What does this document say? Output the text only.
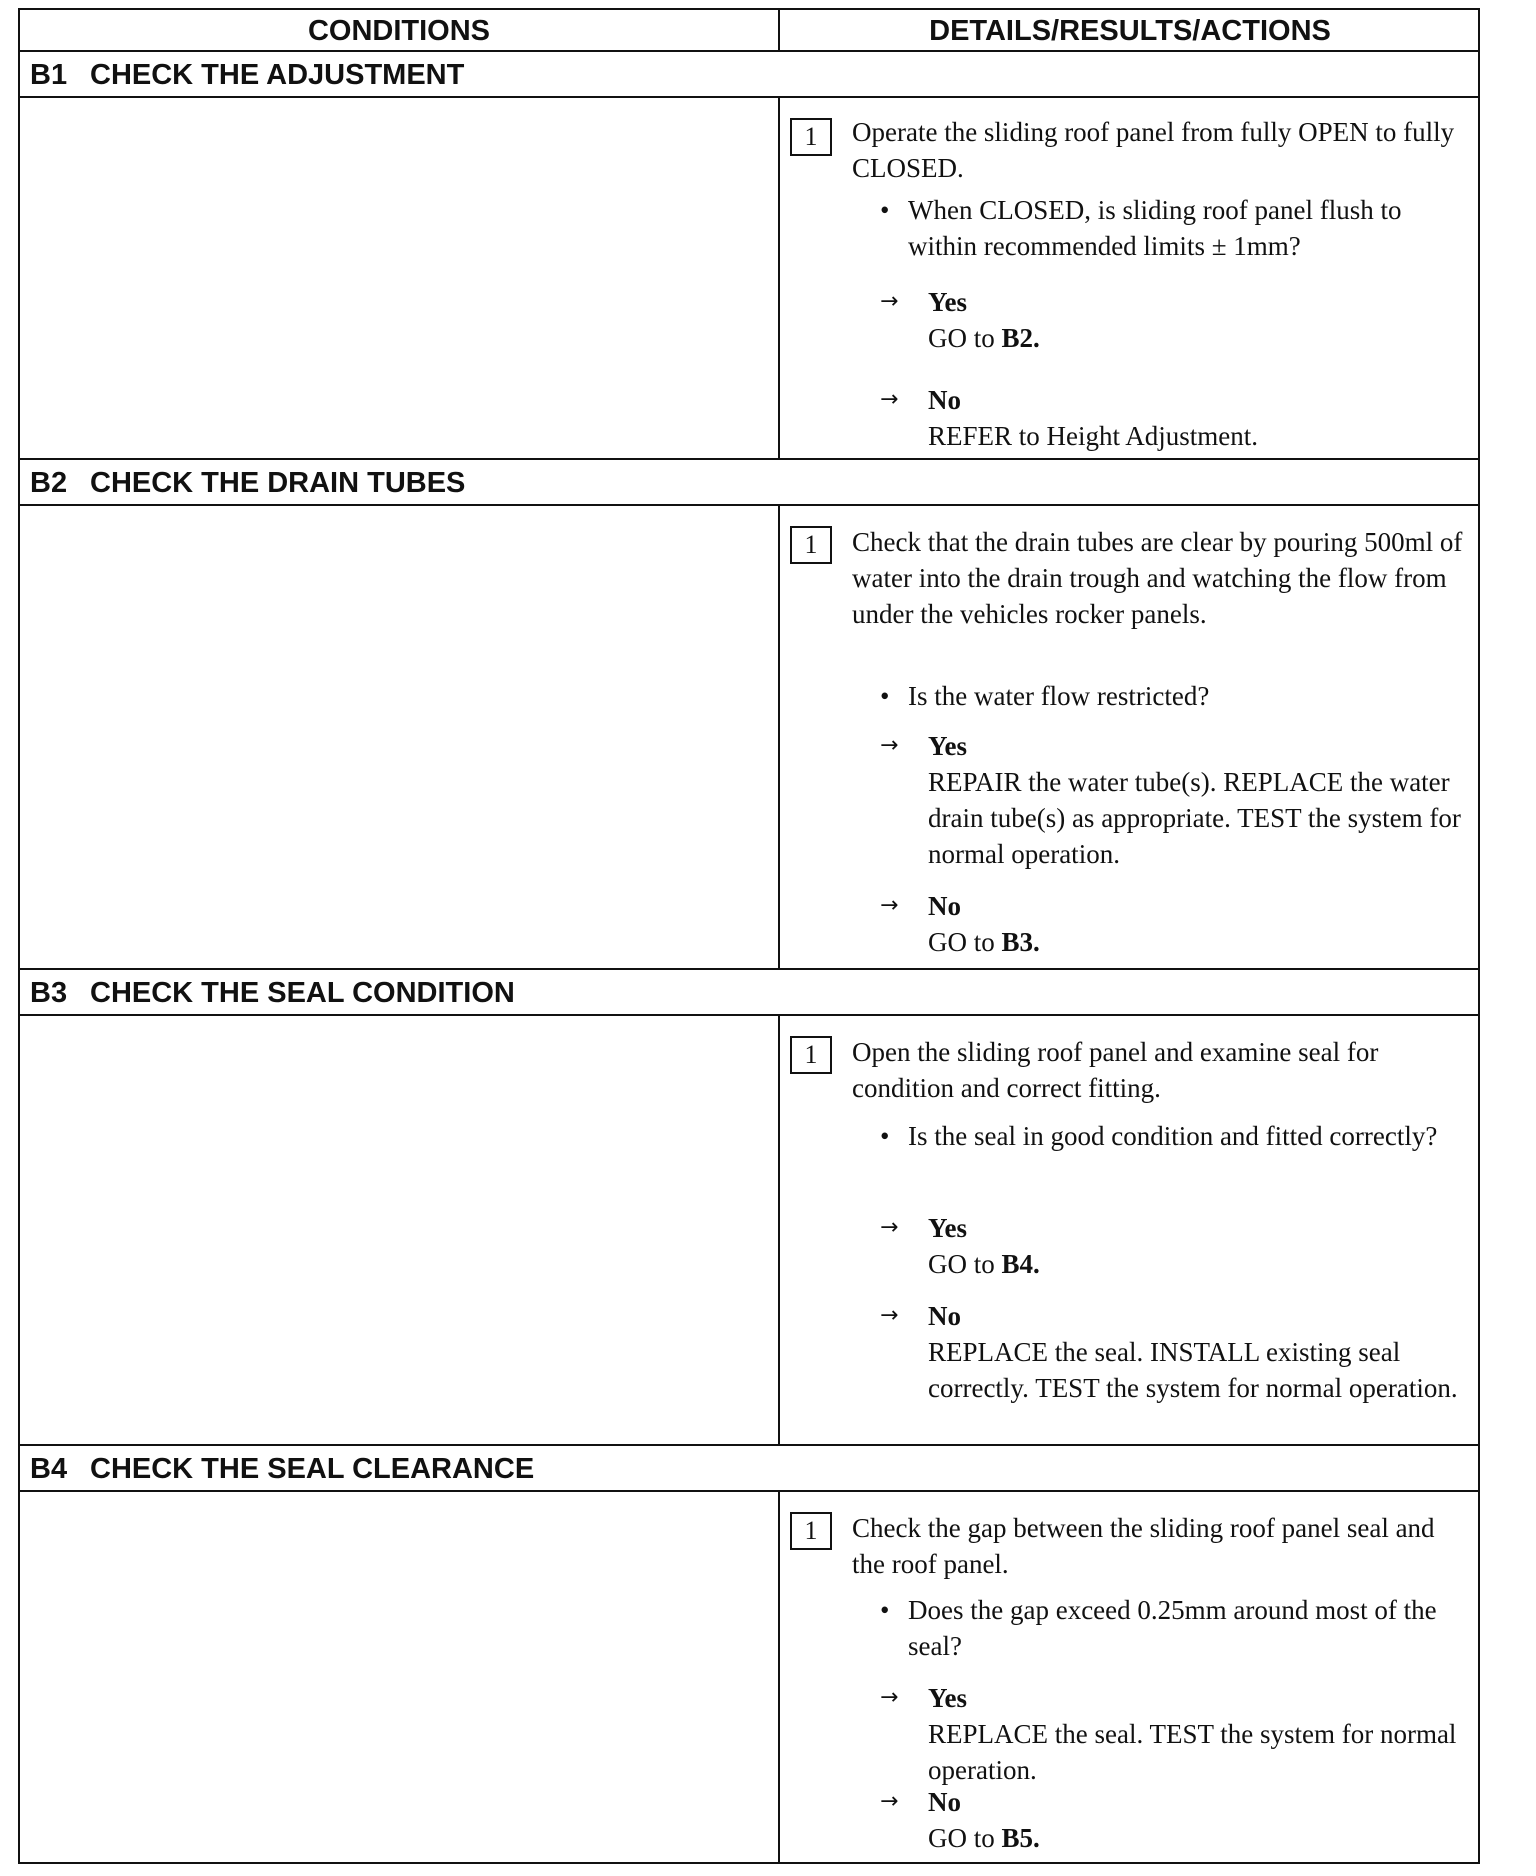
CONDITIONS	DETAILS/RESULTS/ACTIONS
B1 CHECK THE ADJUSTMENT
1	Operate the sliding roof panel from fully OPEN to fully CLOSED.
• When CLOSED, is sliding roof panel flush to within recommended limits ± 1mm?
→ Yes
GO to B2.
→ No
REFER to Height Adjustment.
B2 CHECK THE DRAIN TUBES
1	Check that the drain tubes are clear by pouring 500ml of water into the drain trough and watching the flow from under the vehicles rocker panels.
• Is the water flow restricted?
→ Yes
REPAIR the water tube(s). REPLACE the water drain tube(s) as appropriate. TEST the system for normal operation.
→ No
GO to B3.
B3 CHECK THE SEAL CONDITION
1	Open the sliding roof panel and examine seal for condition and correct fitting.
• Is the seal in good condition and fitted correctly?
→ Yes
GO to B4.
→ No
REPLACE the seal. INSTALL existing seal correctly. TEST the system for normal operation.
B4 CHECK THE SEAL CLEARANCE
1	Check the gap between the sliding roof panel seal and the roof panel.
• Does the gap exceed 0.25mm around most of the seal?
→ Yes
REPLACE the seal. TEST the system for normal operation.
→ No
GO to B5.
